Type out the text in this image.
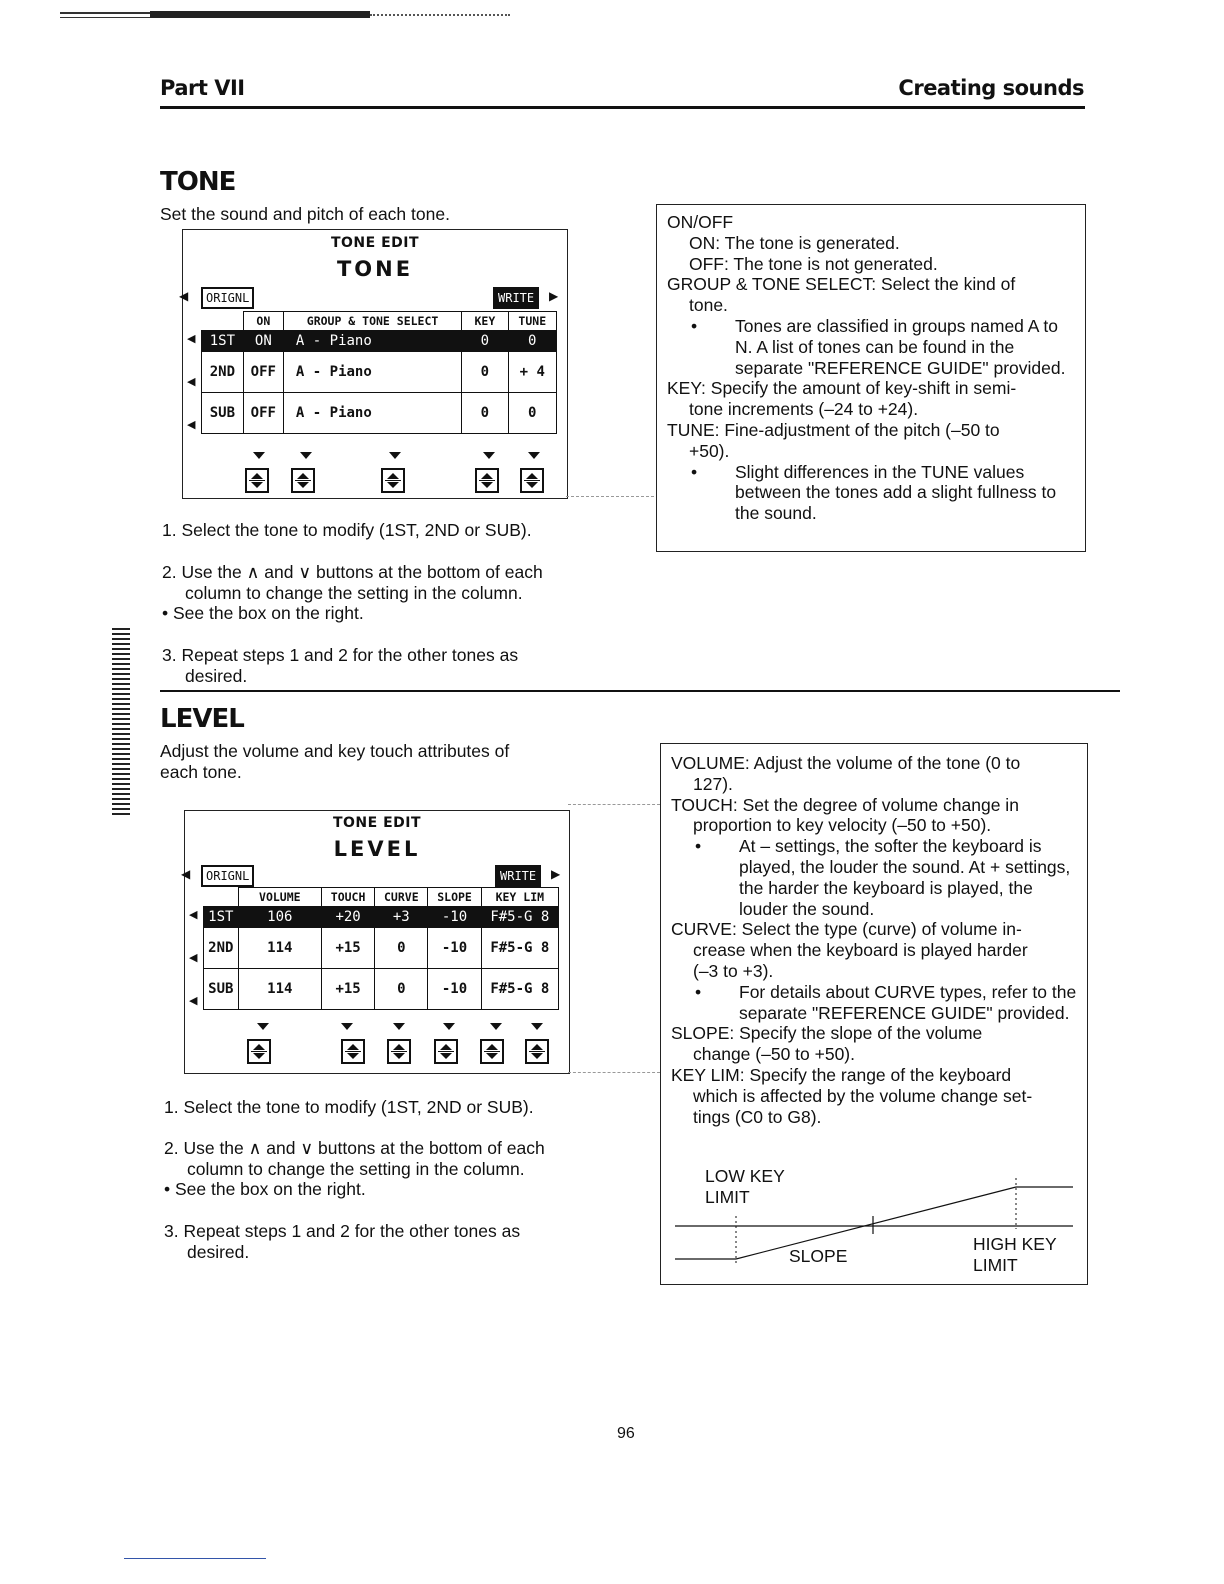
Part VII	Creating sounds
TONE
Set the sound and pitch of each tone.
TONE EDIT
TONE
◀	ORIGNL	WRITE	▶
◀
◀
◀
	ON	GROUP & TONE SELECT	KEY	TUNE
1ST	ON	A - Piano	0	0
2ND	OFF	A - Piano	0	+ 4
SUB	OFF	A - Piano	0	0
1. Select the tone to modify (1ST, 2ND or SUB).
2. Use the ∧ and ∨ buttons at the bottom of each
column to change the setting in the column.
• See the box on the right.
3. Repeat steps 1 and 2 for the other tones as
desired.

ON/OFF

ON: The tone is generated.

OFF: The tone is not generated.

GROUP & TONE SELECT: Select the kind of

tone.

•	Tones are classified in groups named A to N. A list of tones can be found in the separate "REFERENCE GUIDE" provided.

KEY: Specify the amount of key-shift in semi-

tone increments (–24 to +24).

TUNE: Fine-adjustment of the pitch (–50 to

+50).

•	Slight differences in the TUNE values between the tones add a slight fullness to the sound.

LEVEL
Adjust the volume and key touch attributes of
each tone.
TONE EDIT
LEVEL
◀	ORIGNL	WRITE	▶
◀
◀
◀
	VOLUME	TOUCH	CURVE	SLOPE	KEY LIM
1ST	106	+20	+3	-10	F#5-G 8
2ND	114	+15	0	-10	F#5-G 8
SUB	114	+15	0	-10	F#5-G 8
1. Select the tone to modify (1ST, 2ND or SUB).
2. Use the ∧ and ∨ buttons at the bottom of each
column to change the setting in the column.
• See the box on the right.
3. Repeat steps 1 and 2 for the other tones as
desired.

VOLUME: Adjust the volume of the tone (0 to

127).

TOUCH: Set the degree of volume change in

proportion to key velocity (–50 to +50).

•	At – settings, the softer the keyboard is played, the louder the sound. At + settings, the harder the keyboard is played, the louder the sound.

CURVE: Select the type (curve) of volume in-

crease when the keyboard is played harder

(–3 to +3).

•	For details about CURVE types, refer to the separate "REFERENCE GUIDE" provided.

SLOPE: Specify the slope of the volume

change (–50 to +50).

KEY LIM: Specify the range of the keyboard

which is affected by the volume change set-

tings (C0 to G8).

LOW KEY
LIMIT
SLOPE
HIGH KEY
LIMIT
96
